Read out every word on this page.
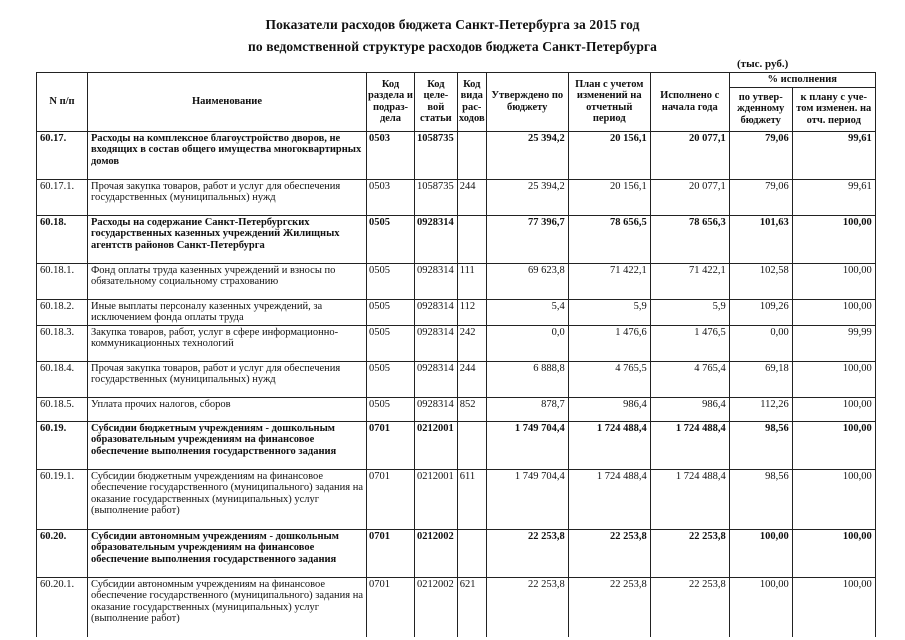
Показатели расходов бюджета Санкт-Петербурга за 2015 год
по ведомственной структуре расходов бюджета Санкт-Петербурга
(тыс. руб.)
N п/п	Наименование	Код раздела и подраз- дела	Код целе- вой статьи	Код вида рас- ходов	Утверждено по бюджету	План с учетом изменений на отчетный период	Исполнено с начала года	% исполнения	
								по утвер- жденному бюджету	к плану с уче- том изменен. на отч. период
60.17.	Расходы на комплексное благоустройство дворов, не входящих в состав общего имущества многоквартирных домов	0503	1058735		25 394,2	20 156,1	20 077,1	79,06	99,61
60.17.1.	Прочая закупка товаров, работ и услуг для обеспечения государственных (муниципальных) нужд	0503	1058735	244	25 394,2	20 156,1	20 077,1	79,06	99,61
60.18.	Расходы на содержание Санкт-Петербургских государственных казенных учреждений Жилищных агентств районов Санкт-Петербурга	0505	0928314		77 396,7	78 656,5	78 656,3	101,63	100,00
60.18.1.	Фонд оплаты труда казенных учреждений и взносы по обязательному социальному страхованию	0505	0928314	111	69 623,8	71 422,1	71 422,1	102,58	100,00
60.18.2.	Иные выплаты персоналу казенных учреждений, за исключением фонда оплаты труда	0505	0928314	112	5,4	5,9	5,9	109,26	100,00
60.18.3.	Закупка товаров, работ, услуг в сфере информационно-коммуникационных технологий	0505	0928314	242	0,0	1 476,6	1 476,5	0,00	99,99
60.18.4.	Прочая закупка товаров, работ и услуг для обеспечения государственных (муниципальных) нужд	0505	0928314	244	6 888,8	4 765,5	4 765,4	69,18	100,00
60.18.5.	Уплата прочих налогов, сборов	0505	0928314	852	878,7	986,4	986,4	112,26	100,00
60.19.	Субсидии бюджетным учреждениям - дошкольным образовательным учреждениям на финансовое обеспечение выполнения государственного задания	0701	0212001		1 749 704,4	1 724 488,4	1 724 488,4	98,56	100,00
60.19.1.	Субсидии бюджетным учреждениям на финансовое обеспечение государственного (муниципального) задания на оказание государственных (муниципальных) услуг (выполнение работ)	0701	0212001	611	1 749 704,4	1 724 488,4	1 724 488,4	98,56	100,00
60.20.	Субсидии автономным учреждениям - дошкольным образовательным учреждениям на финансовое обеспечение выполнения государственного задания	0701	0212002		22 253,8	22 253,8	22 253,8	100,00	100,00
60.20.1.	Субсидии автономным учреждениям на финансовое обеспечение государственного (муниципального) задания на оказание государственных (муниципальных) услуг (выполнение работ)	0701	0212002	621	22 253,8	22 253,8	22 253,8	100,00	100,00
